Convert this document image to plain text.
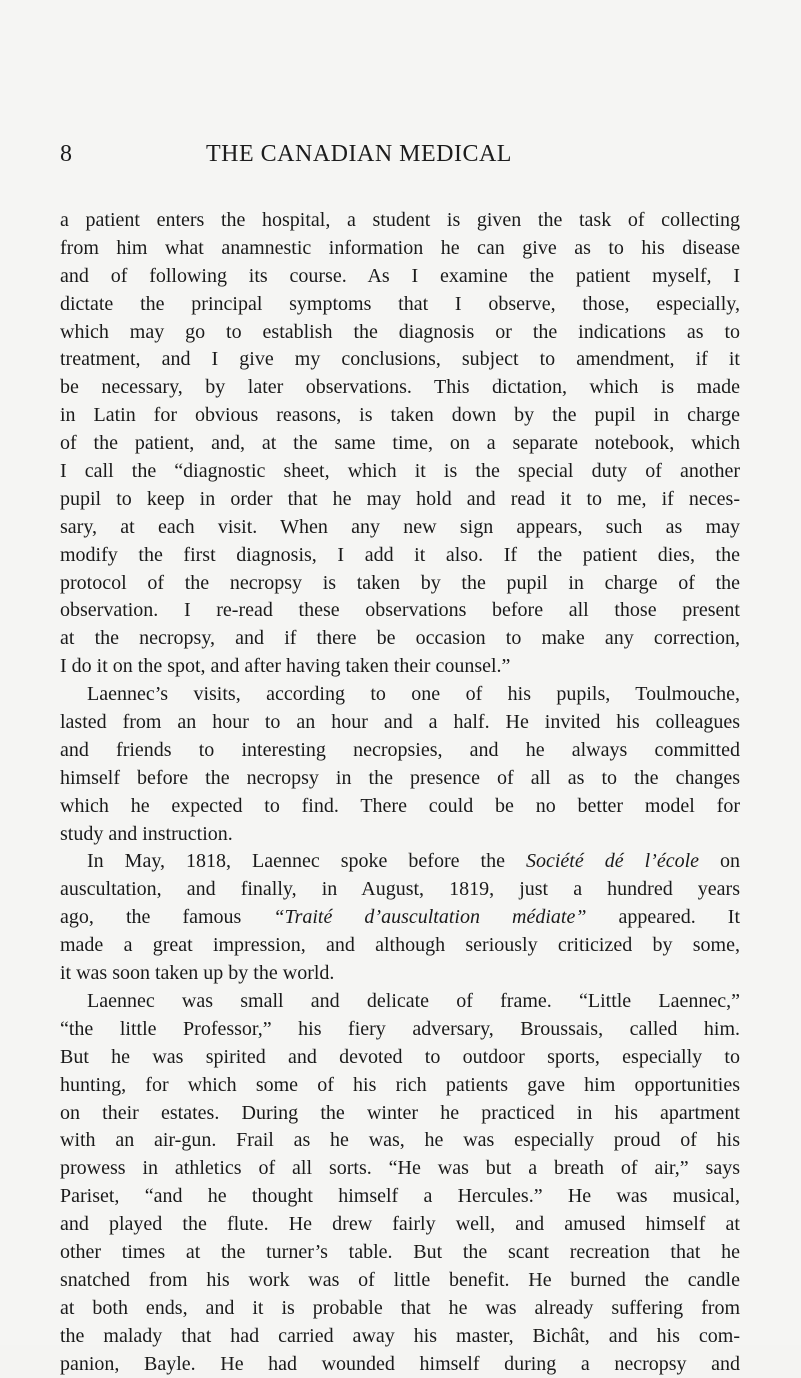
8	THE CANADIAN MEDICAL
a patient enters the hospital, a student is given the task of collecting
from him what anamnestic information he can give as to his disease
and of following its course. As I examine the patient myself, I
dictate the principal symptoms that I observe, those, especially,
which may go to establish the diagnosis or the indications as to
treatment, and I give my conclusions, subject to amendment, if it
be necessary, by later observations. This dictation, which is made
in Latin for obvious reasons, is taken down by the pupil in charge
of the patient, and, at the same time, on a separate notebook, which
I call the “diagnostic sheet, which it is the special duty of another
pupil to keep in order that he may hold and read it to me, if neces-
sary, at each visit. When any new sign appears, such as may
modify the first diagnosis, I add it also. If the patient dies, the
protocol of the necropsy is taken by the pupil in charge of the
observation. I re-read these observations before all those present
at the necropsy, and if there be occasion to make any correction,
I do it on the spot, and after having taken their counsel.”
Laennec’s visits, according to one of his pupils, Toulmouche,
lasted from an hour to an hour and a half. He invited his colleagues
and friends to interesting necropsies, and he always committed
himself before the necropsy in the presence of all as to the changes
which he expected to find. There could be no better model for
study and instruction.
In May, 1818, Laennec spoke before the Société dé l’école on
auscultation, and finally, in August, 1819, just a hundred years
ago, the famous “Traité d’auscultation médiate” appeared. It
made a great impression, and although seriously criticized by some,
it was soon taken up by the world.
Laennec was small and delicate of frame. “Little Laennec,”
“the little Professor,” his fiery adversary, Broussais, called him.
But he was spirited and devoted to outdoor sports, especially to
hunting, for which some of his rich patients gave him opportunities
on their estates. During the winter he practiced in his apartment
with an air-gun. Frail as he was, he was especially proud of his
prowess in athletics of all sorts. “He was but a breath of air,” says
Pariset, “and he thought himself a Hercules.” He was musical,
and played the flute. He drew fairly well, and amused himself at
other times at the turner’s table. But the scant recreation that he
snatched from his work was of little benefit. He burned the candle
at both ends, and it is probable that he was already suffering from
the malady that had carried away his master, Bichât, and his com-
panion, Bayle. He had wounded himself during a necropsy and
